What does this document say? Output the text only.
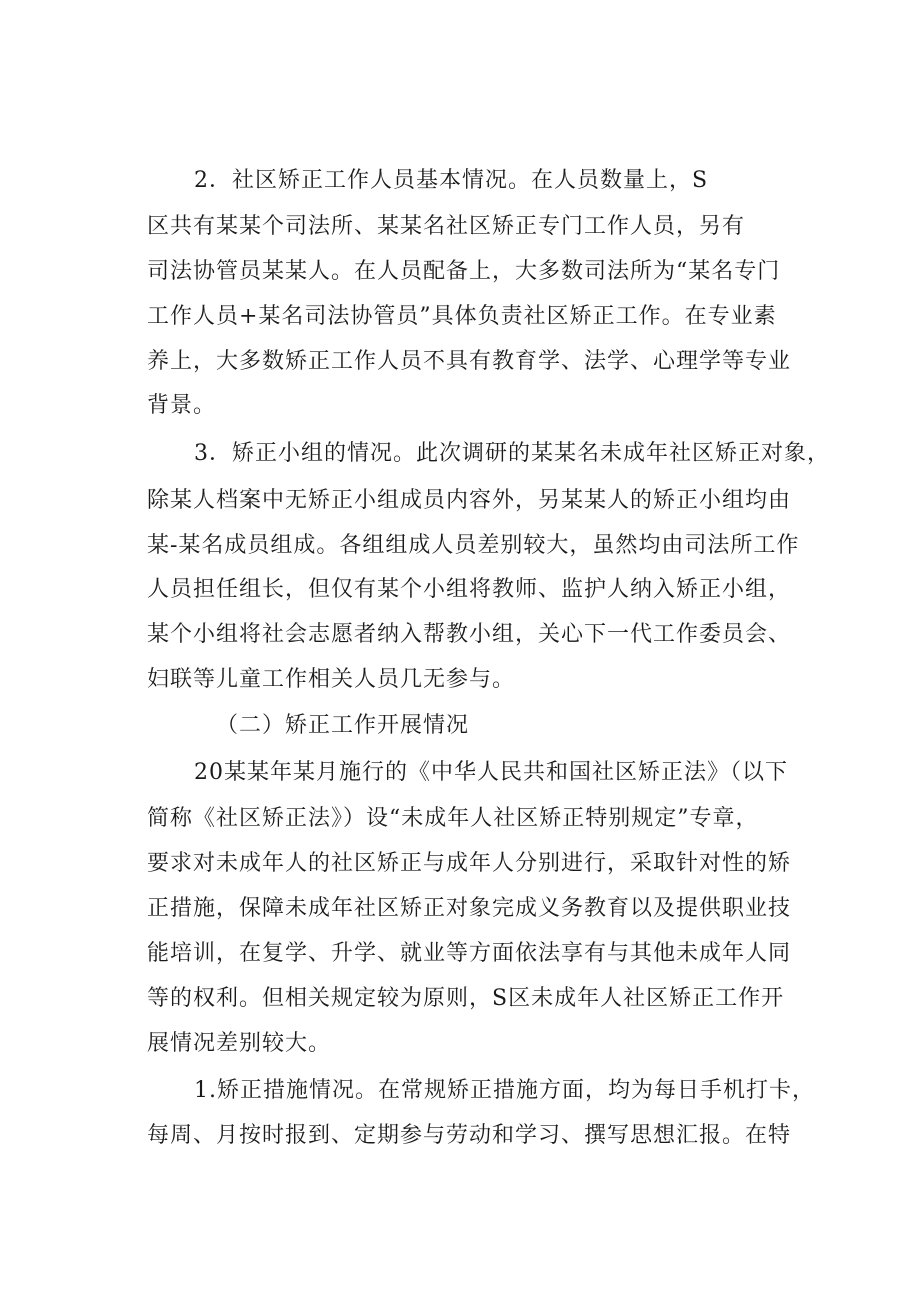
2．社区矫正工作人员基本情况。在人员数量上，S
区共有某某个司法所、某某名社区矫正专门工作人员，另有
司法协管员某某人。在人员配备上，大多数司法所为“某名专门
工作人员+某名司法协管员”具体负责社区矫正工作。在专业素
养上，大多数矫正工作人员不具有教育学、法学、心理学等专业
背景。
3．矫正小组的情况。此次调研的某某名未成年社区矫正对象，
除某人档案中无矫正小组成员内容外，另某某人的矫正小组均由
某-某名成员组成。各组组成人员差别较大，虽然均由司法所工作
人员担任组长，但仅有某个小组将教师、监护人纳入矫正小组，
某个小组将社会志愿者纳入帮教小组，关心下一代工作委员会、
妇联等儿童工作相关人员几无参与。
（二）矫正工作开展情况
20某某年某月施行的《中华人民共和国社区矫正法》（以下
简称《社区矫正法》）设“未成年人社区矫正特别规定”专章，
要求对未成年人的社区矫正与成年人分别进行，采取针对性的矫
正措施，保障未成年社区矫正对象完成义务教育以及提供职业技
能培训，在复学、升学、就业等方面依法享有与其他未成年人同
等的权利。但相关规定较为原则，S区未成年人社区矫正工作开
展情况差别较大。
1.矫正措施情况。在常规矫正措施方面，均为每日手机打卡，
每周、月按时报到、定期参与劳动和学习、撰写思想汇报。在特
